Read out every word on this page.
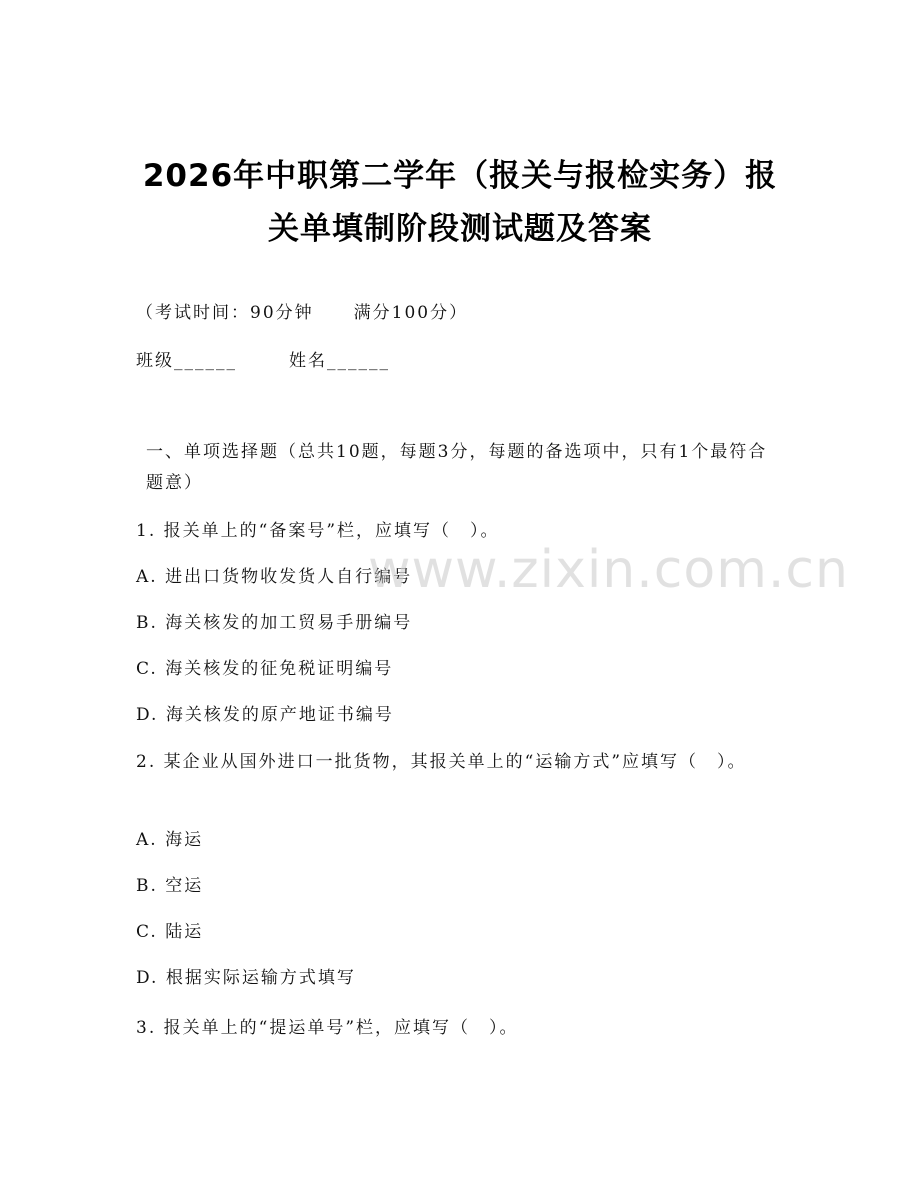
2026年中职第二学年（报关与报检实务）报
关单填制阶段测试题及答案
（考试时间：90分钟 满分100分）
班级______	姓名______
一、单项选择题（总共10题，每题3分，每题的备选项中，只有1个最符合题意）
1. 报关单上的“备案号”栏，应填写（　）。
A. 进出口货物收发货人自行编号
B. 海关核发的加工贸易手册编号
C. 海关核发的征免税证明编号
D. 海关核发的原产地证书编号
2. 某企业从国外进口一批货物，其报关单上的“运输方式”应填写（　）。
A. 海运
B. 空运
C. 陆运
D. 根据实际运输方式填写
3. 报关单上的“提运单号”栏，应填写（　）。
www.zixin.com.cn
